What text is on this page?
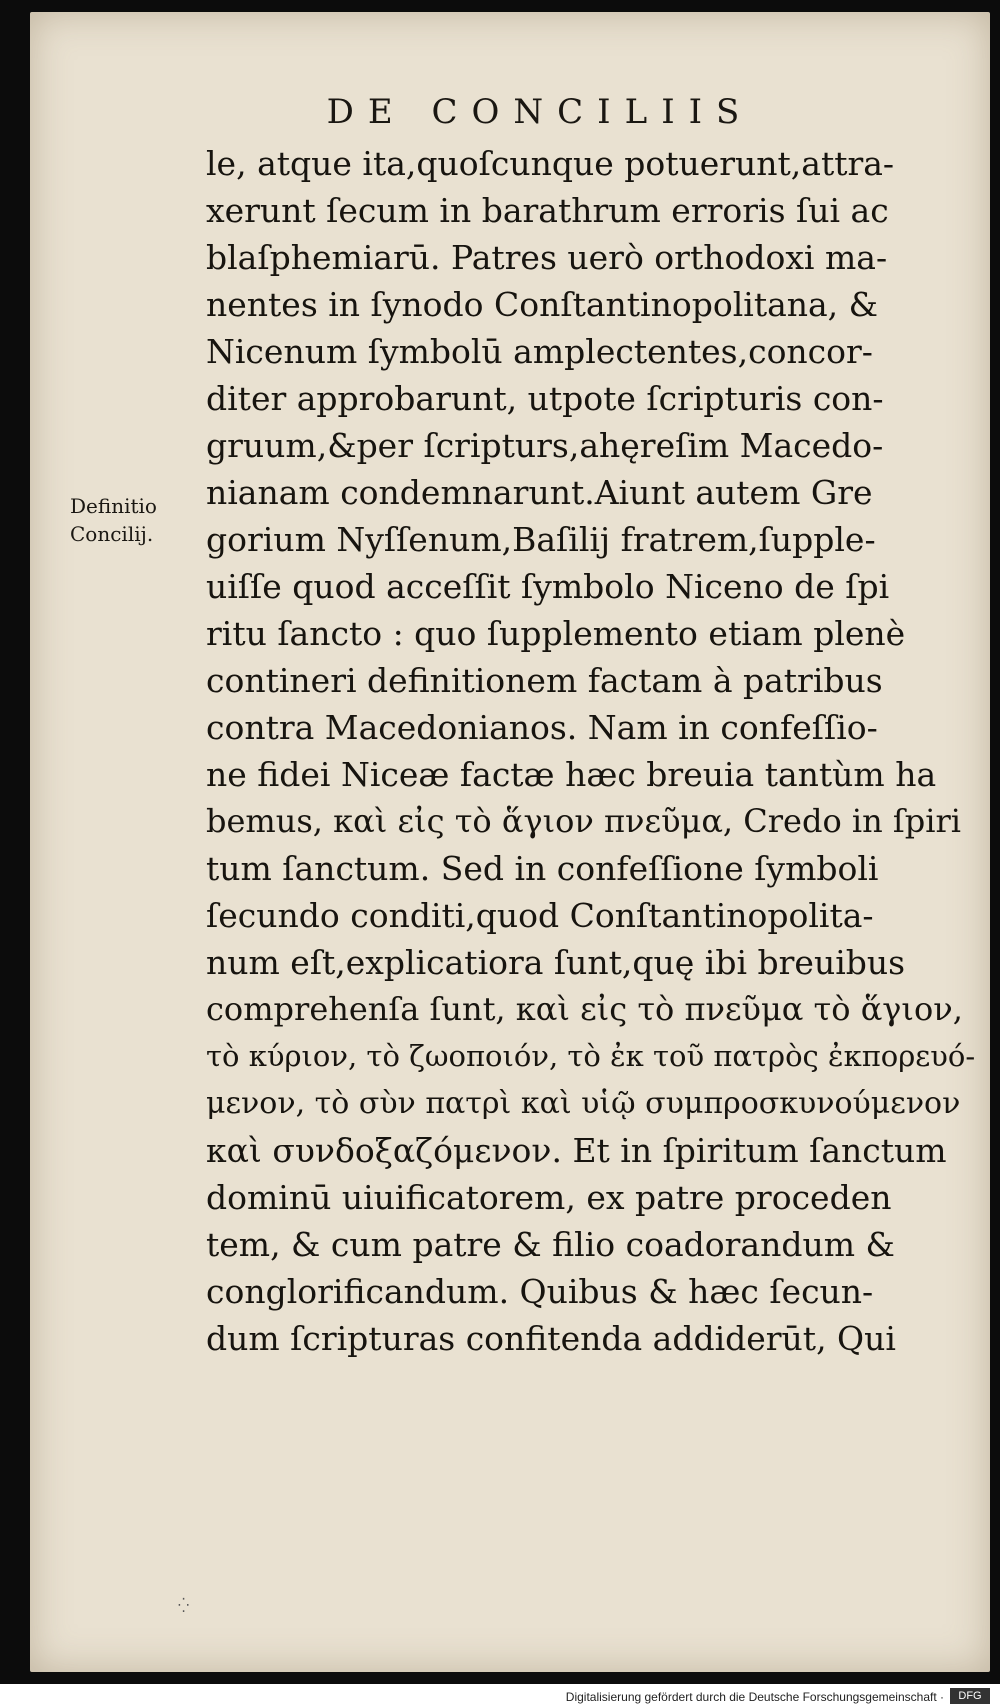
DE CONCILIIS
Definitio
Concilij.
le, atque ita,quoſcunque potuerunt,attra-
xerunt ſecum in barathrum erroris ſui ac
blaſphemiarū. Patres uerò orthodoxi ma-
nentes in ſynodo Conſtantinopolitana, &
Nicenum ſymbolū amplectentes,concor-
diter approbarunt, utpote ſcripturis con-
gruum,&per ſcripturs,ahęreſim Macedo-
nianam condemnarunt.Aiunt autem Gre
gorium Nyſſenum,Baſilij fratrem,ſupple-
uiſſe quod acceſſit ſymbolo Niceno de ſpi
ritu ſancto : quo ſupplemento etiam plenè
contineri definitionem factam à patribus
contra Macedonianos. Nam in confeſſio-
ne fidei Niceæ factæ hæc breuia tantùm ha
bemus, καὶ εἰς τὸ ἅγιον πνεῦμα, Credo in ſpiri
tum ſanctum. Sed in confeſſione ſymboli
ſecundo conditi,quod Conſtantinopolita-
num eſt,explicatiora ſunt,quę ibi breuibus
comprehenſa ſunt, καὶ εἰς τὸ πνεῦμα τὸ ἅγιον,
τὸ κύριον, τὸ ζωοποιόν, τὸ ἐκ τοῦ πατρὸς ἐκπορευό-
μενον, τὸ σὺν πατρὶ καὶ υἱῷ συμπροσκυνούμενον
καὶ συνδοξαζόμενον. Et in ſpiritum ſanctum
dominū uiuificatorem, ex patre proceden
tem, & cum patre & filio coadorandum &
conglorificandum. Quibus & hæc ſecun-
dum ſcripturas confitenda addiderūt, Qui
⁛
Digitalisierung gefördert durch die Deutsche Forschungsgemeinschaft ·	DFG
